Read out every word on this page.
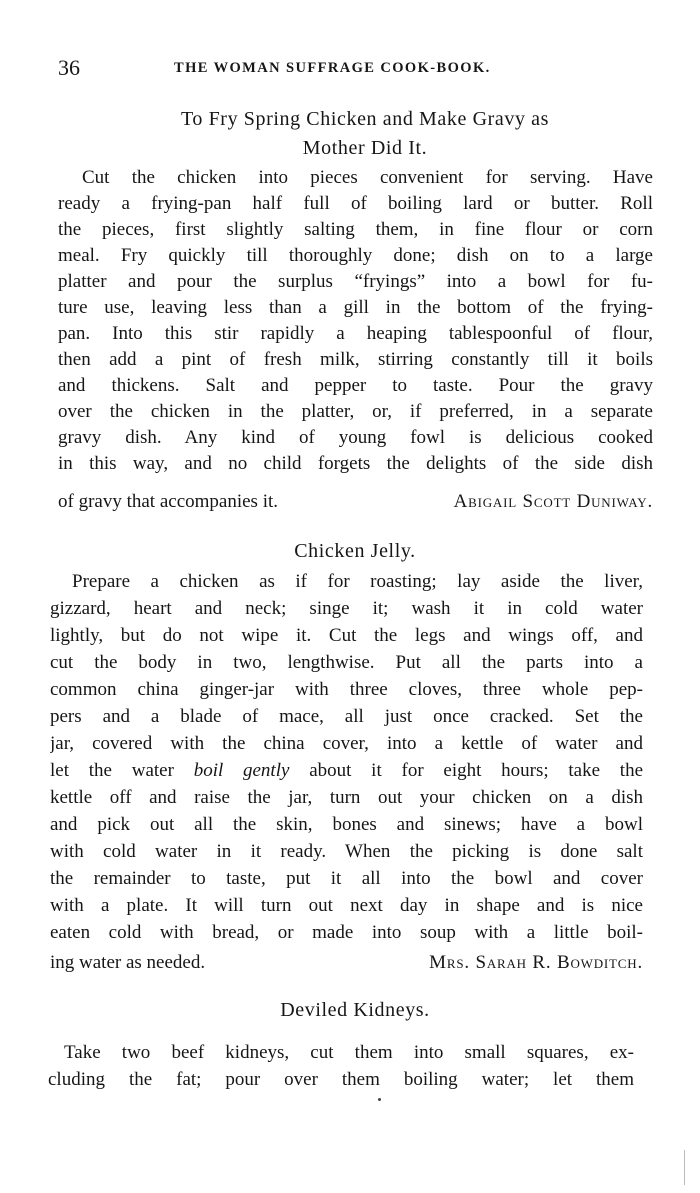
36	THE WOMAN SUFFRAGE COOK-BOOK.
To Fry Spring Chicken and Make Gravy as
Mother Did It.
Cut the chicken into pieces convenient for serving. Have
ready a frying-pan half full of boiling lard or butter. Roll
the pieces, first slightly salting them, in fine flour or corn
meal. Fry quickly till thoroughly done; dish on to a large
platter and pour the surplus “fryings” into a bowl for fu-
ture use, leaving less than a gill in the bottom of the frying-
pan. Into this stir rapidly a heaping tablespoonful of flour,
then add a pint of fresh milk, stirring constantly till it boils
and thickens. Salt and pepper to taste. Pour the gravy
over the chicken in the platter, or, if preferred, in a separate
gravy dish. Any kind of young fowl is delicious cooked
in this way, and no child forgets the delights of the side dish
of gravy that accompanies it.	Abigail Scott Duniway.
Chicken Jelly.
Prepare a chicken as if for roasting; lay aside the liver,
gizzard, heart and neck; singe it; wash it in cold water
lightly, but do not wipe it. Cut the legs and wings off, and
cut the body in two, lengthwise. Put all the parts into a
common china ginger-jar with three cloves, three whole pep-
pers and a blade of mace, all just once cracked. Set the
jar, covered with the china cover, into a kettle of water and
let the water boil gently about it for eight hours; take the
kettle off and raise the jar, turn out your chicken on a dish
and pick out all the skin, bones and sinews; have a bowl
with cold water in it ready. When the picking is done salt
the remainder to taste, put it all into the bowl and cover
with a plate. It will turn out next day in shape and is nice
eaten cold with bread, or made into soup with a little boil-
ing water as needed.	Mrs. Sarah R. Bowditch.
Deviled Kidneys.
Take two beef kidneys, cut them into small squares, ex-
cluding the fat; pour over them boiling water; let them
